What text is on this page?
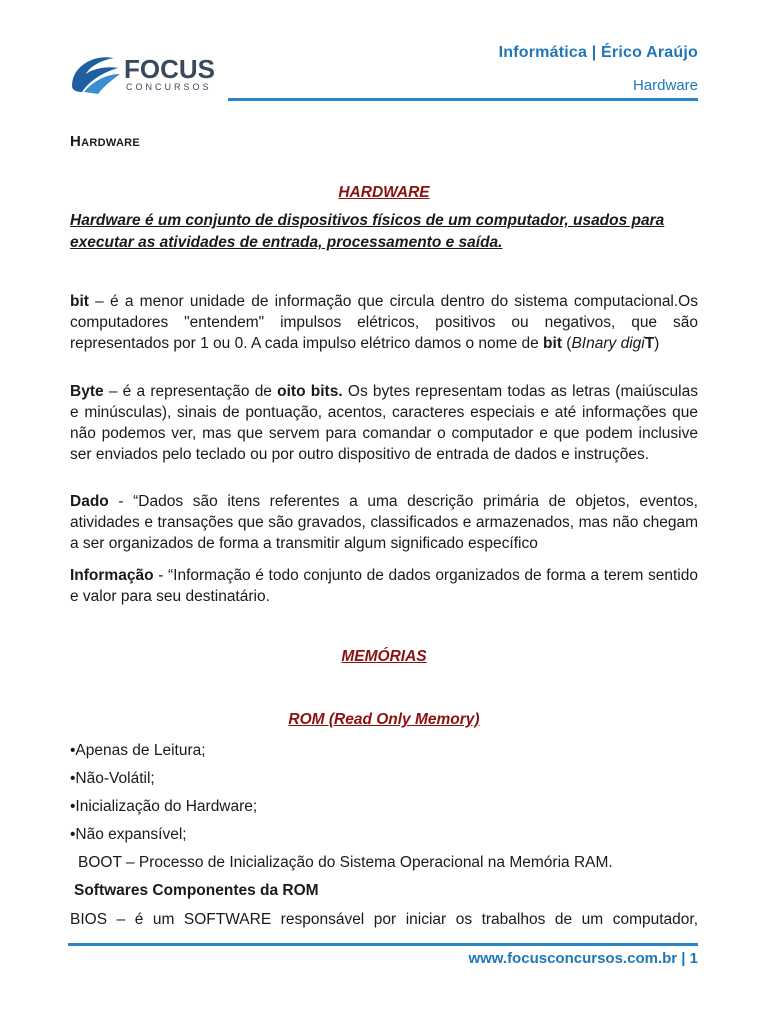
FOCUS
CONCURSOS
Informática | Érico Araújo
Hardware
Hardware
HARDWARE
Hardware é um conjunto de dispositivos físicos de um computador, usados para executar as atividades de entrada, processamento e saída.
bit – é a menor unidade de informação que circula dentro do sistema computacional.Os computadores "entendem" impulsos elétricos, positivos ou negativos, que são representados por 1 ou 0. A cada impulso elétrico damos o nome de bit (BInary digiT)
Byte – é a representação de oito bits. Os bytes representam todas as letras (maiúsculas e minúsculas), sinais de pontuação, acentos, caracteres especiais e até informações que não podemos ver, mas que servem para comandar o computador e que podem inclusive ser enviados pelo teclado ou por outro dispositivo de entrada de dados e instruções.
Dado - “Dados são itens referentes a uma descrição primária de objetos, eventos, atividades e transações que são gravados, classificados e armazenados, mas não chegam a ser organizados de forma a transmitir algum significado específico
Informação - “Informação é todo conjunto de dados organizados de forma a terem sentido e valor para seu destinatário.
MEMÓRIAS
ROM (Read Only Memory)
•Apenas de Leitura;
•Não-Volátil;
•Inicialização do Hardware;
•Não expansível;
BOOT – Processo de Inicialização do Sistema Operacional na Memória RAM.
Softwares Componentes da ROM
BIOS – é um SOFTWARE responsável por iniciar os trabalhos de um computador,
www.focusconcursos.com.br | 1
